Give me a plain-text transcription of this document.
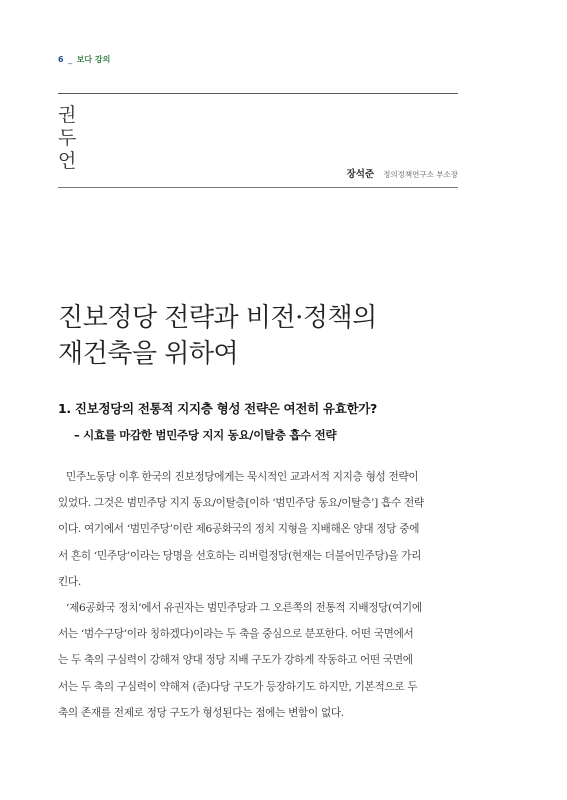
6 _ 보다 강의
권
두
언
장석준 정의정책연구소 부소장
진보정당 전략과 비전·정책의
재건축을 위하여
1. 진보정당의 전통적 지지층 형성 전략은 여전히 유효한가?
– 시효를 마감한 범민주당 지지 동요/이탈층 흡수 전략
민주노동당 이후 한국의 진보정당에게는 묵시적인 교과서적 지지층 형성 전략이
있었다. 그것은 범민주당 지지 동요/이탈층[이하 ‘범민주당 동요/이탈층’] 흡수 전략
이다. 여기에서 ‘범민주당’이란 제6공화국의 정치 지형을 지배해온 양대 정당 중에
서 흔히 ‘민주당’이라는 당명을 선호하는 리버럴정당(현재는 더불어민주당)을 가리
킨다.
‘제6공화국 정치’에서 유권자는 범민주당과 그 오른쪽의 전통적 지배정당(여기에
서는 ‘범수구당’이라 칭하겠다)이라는 두 축을 중심으로 분포한다. 어떤 국면에서
는 두 축의 구심력이 강해져 양대 정당 지배 구도가 강하게 작동하고 어떤 국면에
서는 두 축의 구심력이 약해져 (준)다당 구도가 등장하기도 하지만, 기본적으로 두
축의 존재를 전제로 정당 구도가 형성된다는 점에는 변함이 없다.
